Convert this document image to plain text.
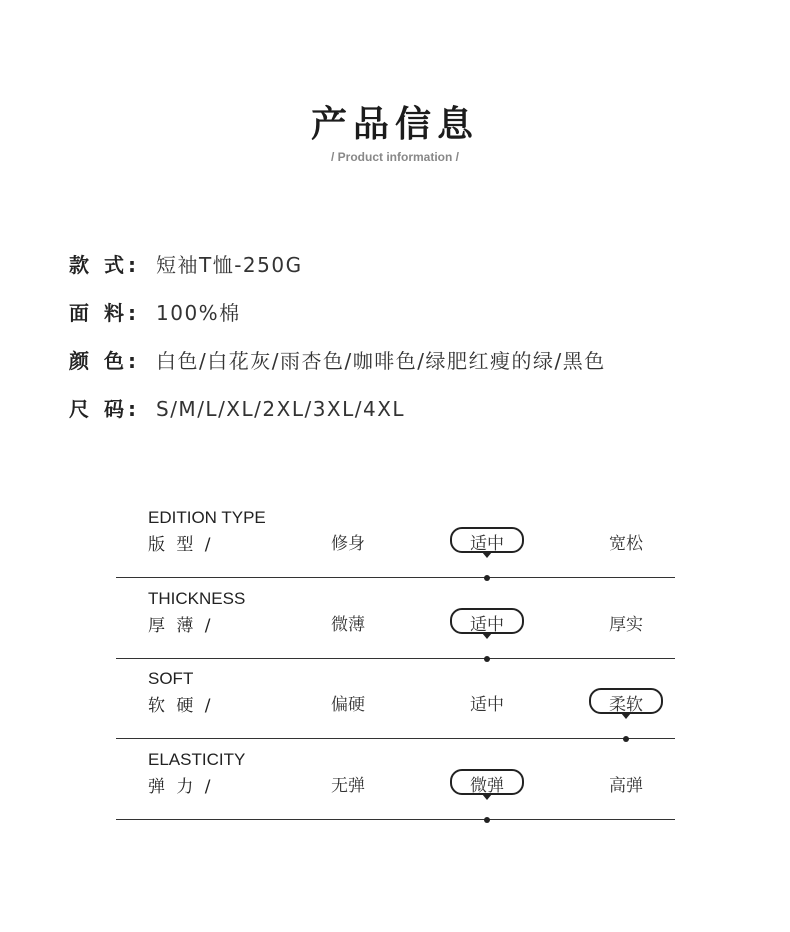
产品信息
/ Product information /
款 式: 短袖T恤-250G
面 料: 100%棉
颜 色: 白色/白花灰/雨杏色/咖啡色/绿肥红瘦的绿/黑色
尺 码: S/M/L/XL/2XL/3XL/4XL
EDITION TYPE
版 型 /	修身	适中	宽松
THICKNESS
厚 薄 /	微薄	适中	厚实
SOFT
软 硬 /	偏硬	适中	柔软
ELASTICITY
弹 力 /	无弹	微弹	高弹
